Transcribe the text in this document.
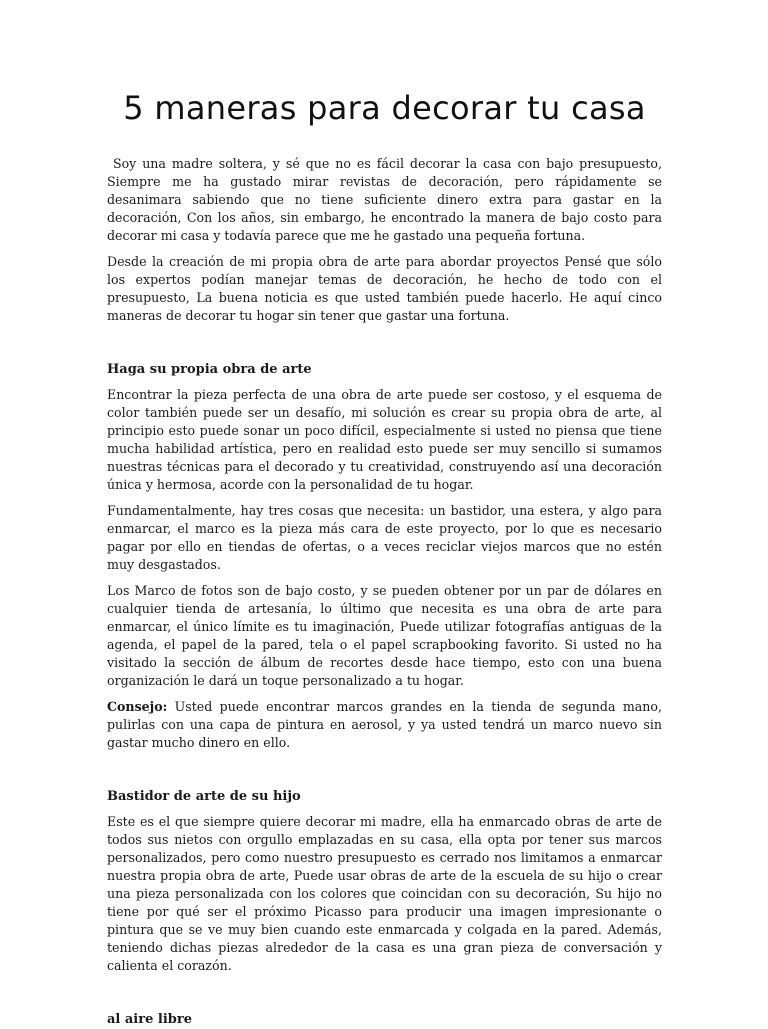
5 maneras para decorar tu casa

Soy una madre soltera, y sé que no es fácil decorar la casa con bajo presupuesto,  Siempre me ha gustado mirar revistas de decoración, pero rápidamente se desanimara sabiendo que no tiene suficiente dinero extra para gastar en la decoración, Con los años, sin embargo, he encontrado la manera de bajo costo para decorar mi casa y todavía parece que me he gastado una pequeña fortuna.

Desde la creación de mi propia obra de arte para abordar proyectos Pensé que sólo los expertos podían manejar temas de decoración, he hecho de todo con el presupuesto, La buena noticia es que usted también puede hacerlo. He aquí cinco maneras de decorar tu hogar sin tener que gastar una fortuna.

Haga su propia obra de arte

Encontrar la pieza perfecta de una obra de arte puede ser costoso, y el esquema de color también puede ser un desafío, mi solución es crear su propia obra de arte, al principio esto puede sonar un poco difícil, especialmente si usted no piensa que tiene mucha habilidad artística, pero en realidad esto puede ser muy sencillo si sumamos nuestras técnicas para el decorado y tu creatividad, construyendo así una decoración única y hermosa, acorde con la personalidad de tu hogar.

Fundamentalmente, hay tres cosas que necesita: un bastidor, una estera, y algo para enmarcar, el marco es la pieza más cara de este proyecto, por lo que es necesario pagar por ello en tiendas de ofertas, o a veces reciclar viejos marcos que no estén muy desgastados.

Los Marco de fotos son de bajo costo, y se pueden obtener por un par de dólares en cualquier tienda de artesanía, lo último que necesita es una obra de arte para enmarcar, el único límite es tu imaginación, Puede utilizar fotografías antiguas de la agenda, el papel de la pared, tela o el papel scrapbooking favorito. Si usted no ha visitado la sección de álbum de recortes desde hace tiempo, esto con una buena organización le dará un toque personalizado a tu hogar.

Consejo: Usted puede encontrar marcos grandes en la tienda de segunda mano, pulirlas con una capa de pintura en aerosol, y ya usted tendrá un marco nuevo sin gastar mucho dinero en ello.

Bastidor de arte de su hijo

Este es el que siempre quiere decorar mi madre, ella ha enmarcado obras de arte de todos sus nietos con orgullo emplazadas en su casa, ella opta por tener sus marcos personalizados, pero como nuestro presupuesto es cerrado nos limitamos a enmarcar nuestra propia obra de arte, Puede usar obras de arte de la escuela de su hijo o crear una pieza personalizada con los colores que coincidan con su decoración, Su hijo no tiene por qué ser el próximo Picasso para producir una imagen impresionante o pintura que se ve muy bien cuando este enmarcada y colgada en la pared. Además, teniendo dichas piezas alrededor de la casa es una gran pieza de conversación y calienta el corazón.

al aire libre
